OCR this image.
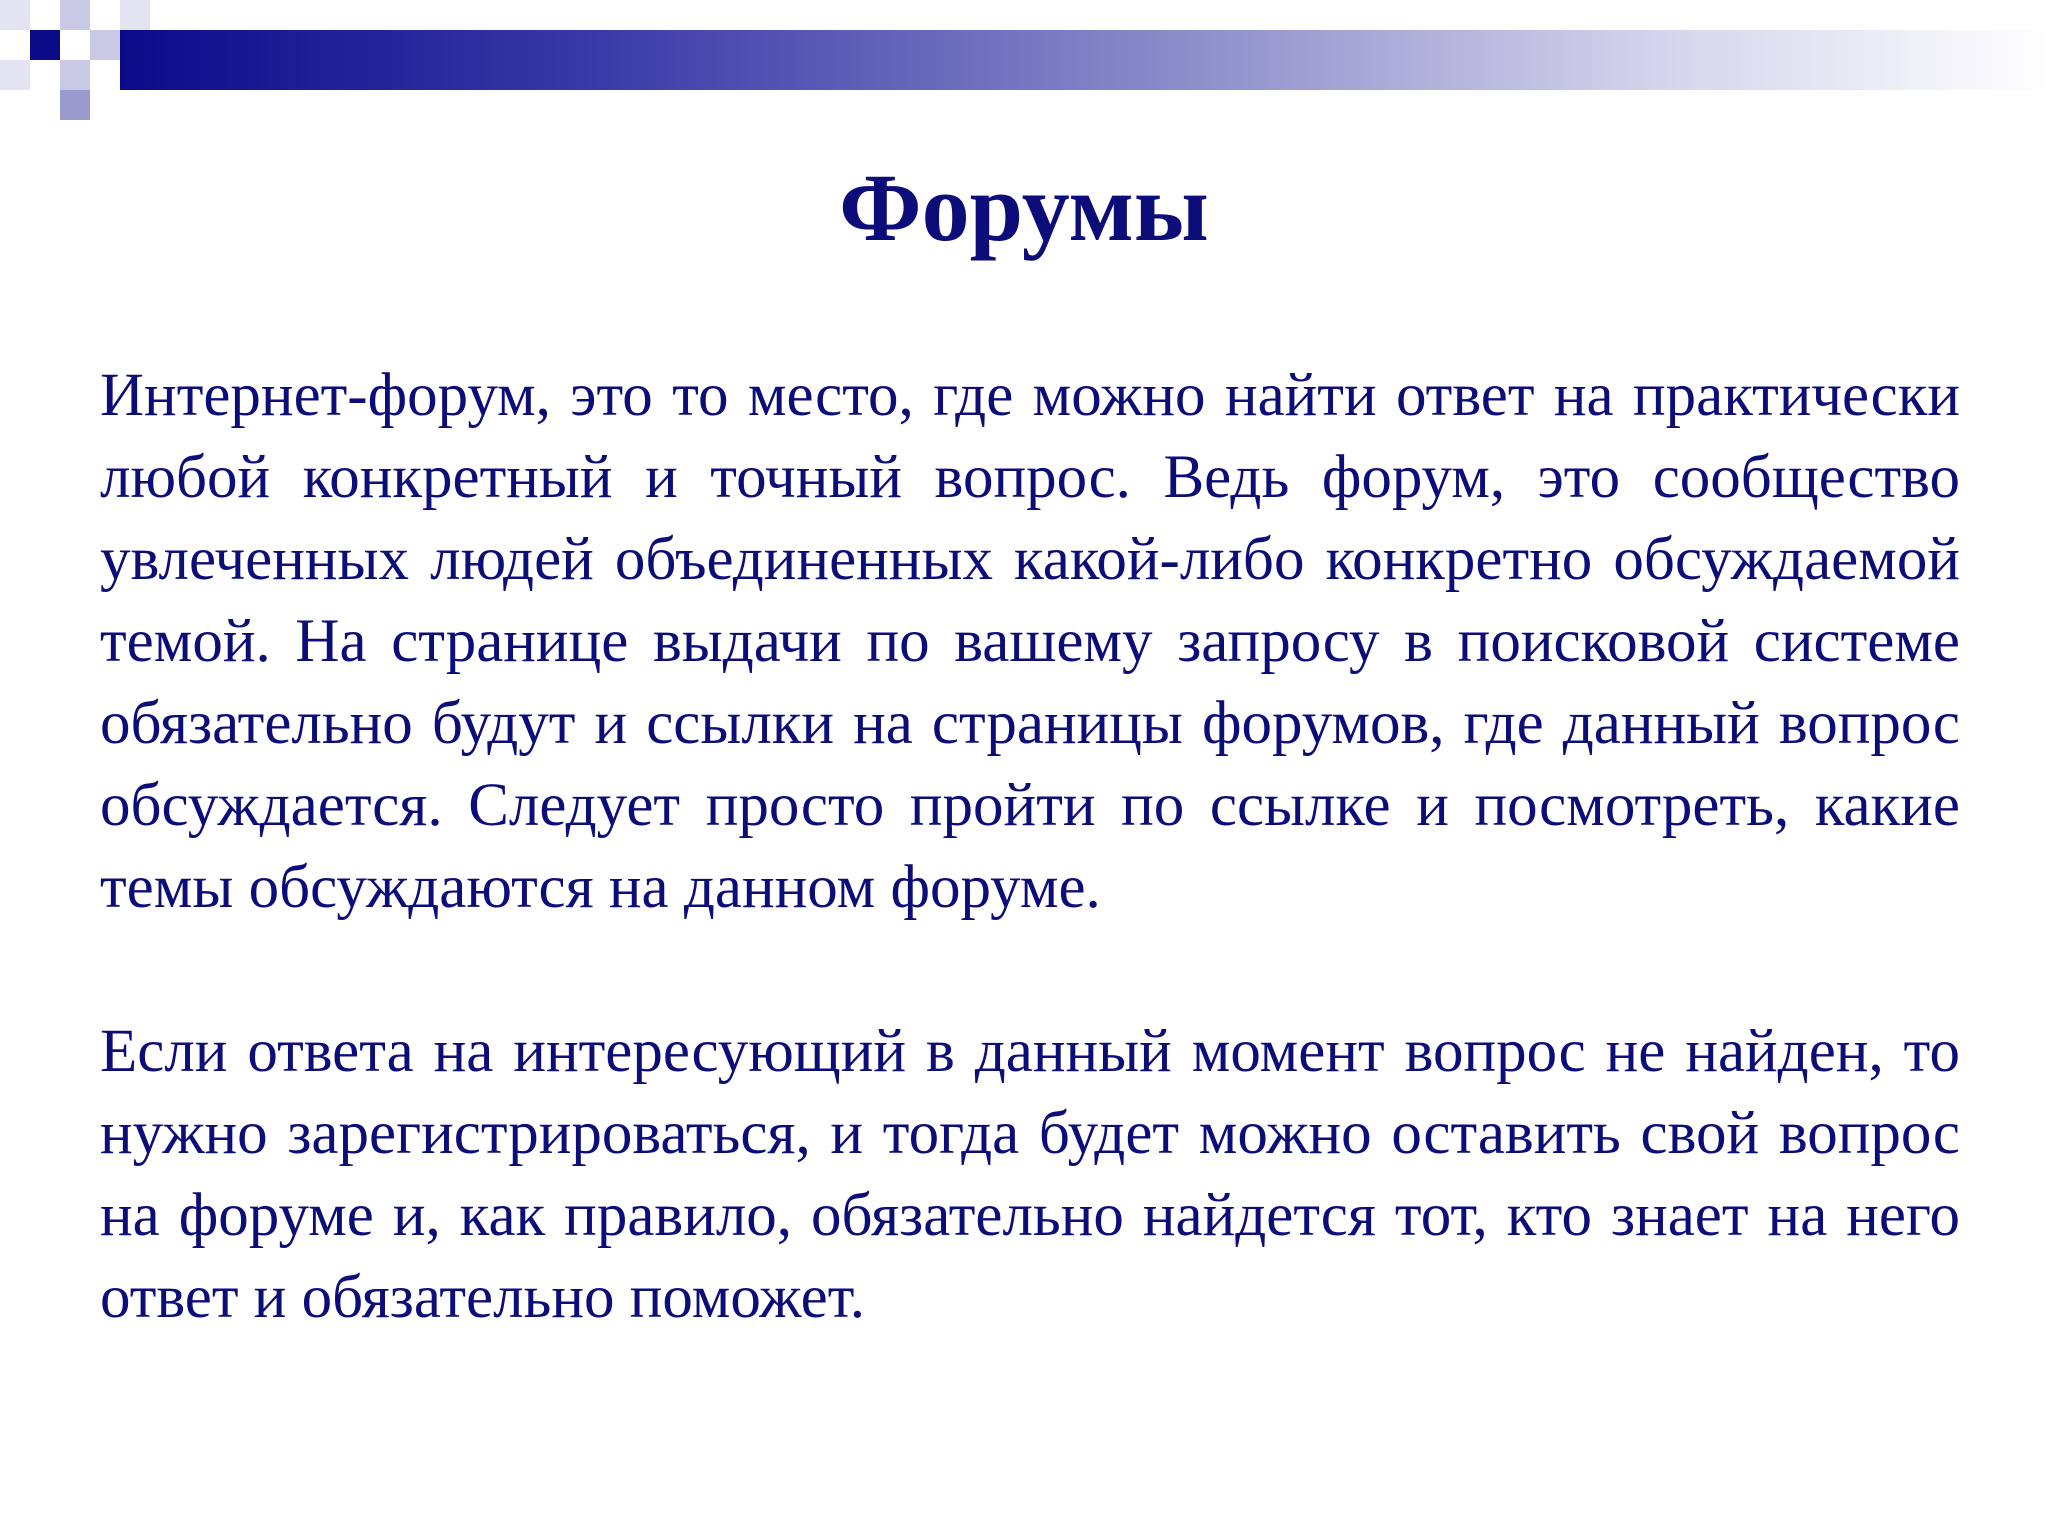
Форумы

Интернет-форум, это то место, где можно найти ответ на практически любой конкретный и точный вопрос. Ведь форум, это сообщество увлеченных людей объединенных какой-либо конкретно обсуждаемой темой. На странице выдачи по вашему запросу в поисковой системе обязательно будут и ссылки на страницы форумов, где данный вопрос обсуждается. Следует просто пройти по ссылке и посмотреть, какие темы обсуждаются на данном форуме.

Если ответа на интересующий в данный момент вопрос не найден, то нужно зарегистрироваться, и тогда будет можно оставить свой вопрос на форуме и, как правило, обязательно найдется тот, кто знает на него ответ и обязательно поможет.
